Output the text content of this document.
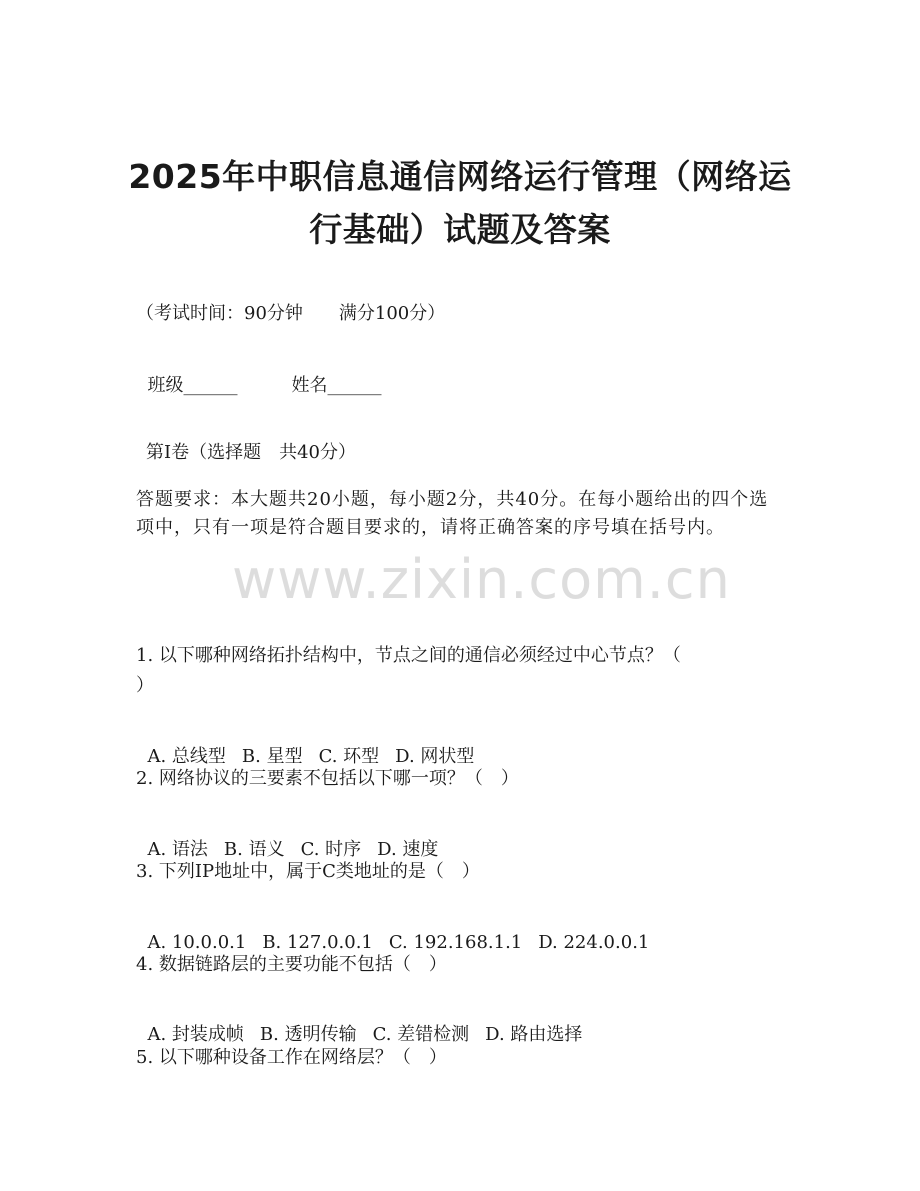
2025年中职信息通信网络运行管理（网络运
行基础）试题及答案

（考试时间：90分钟　　满分100分）

班级______	姓名______

第I卷（选择题　共40分）

答题要求：本大题共20小题，每小题2分，共40分。在每小题给出的四个选项中，只有一项是符合题目要求的，请将正确答案的序号填在括号内。

www.zixin.com.cn

1. 以下哪种网络拓扑结构中，节点之间的通信必须经过中心节点？（

）

A. 总线型 B. 星型 C. 环型 D. 网状型

2. 网络协议的三要素不包括以下哪一项？（　）

A. 语法 B. 语义 C. 时序 D. 速度

3. 下列IP地址中，属于C类地址的是（　）

A. 10.0.0.1 B. 127.0.0.1 C. 192.168.1.1 D. 224.0.0.1

4. 数据链路层的主要功能不包括（　）

A. 封装成帧 B. 透明传输 C. 差错检测 D. 路由选择

5. 以下哪种设备工作在网络层？（　）
